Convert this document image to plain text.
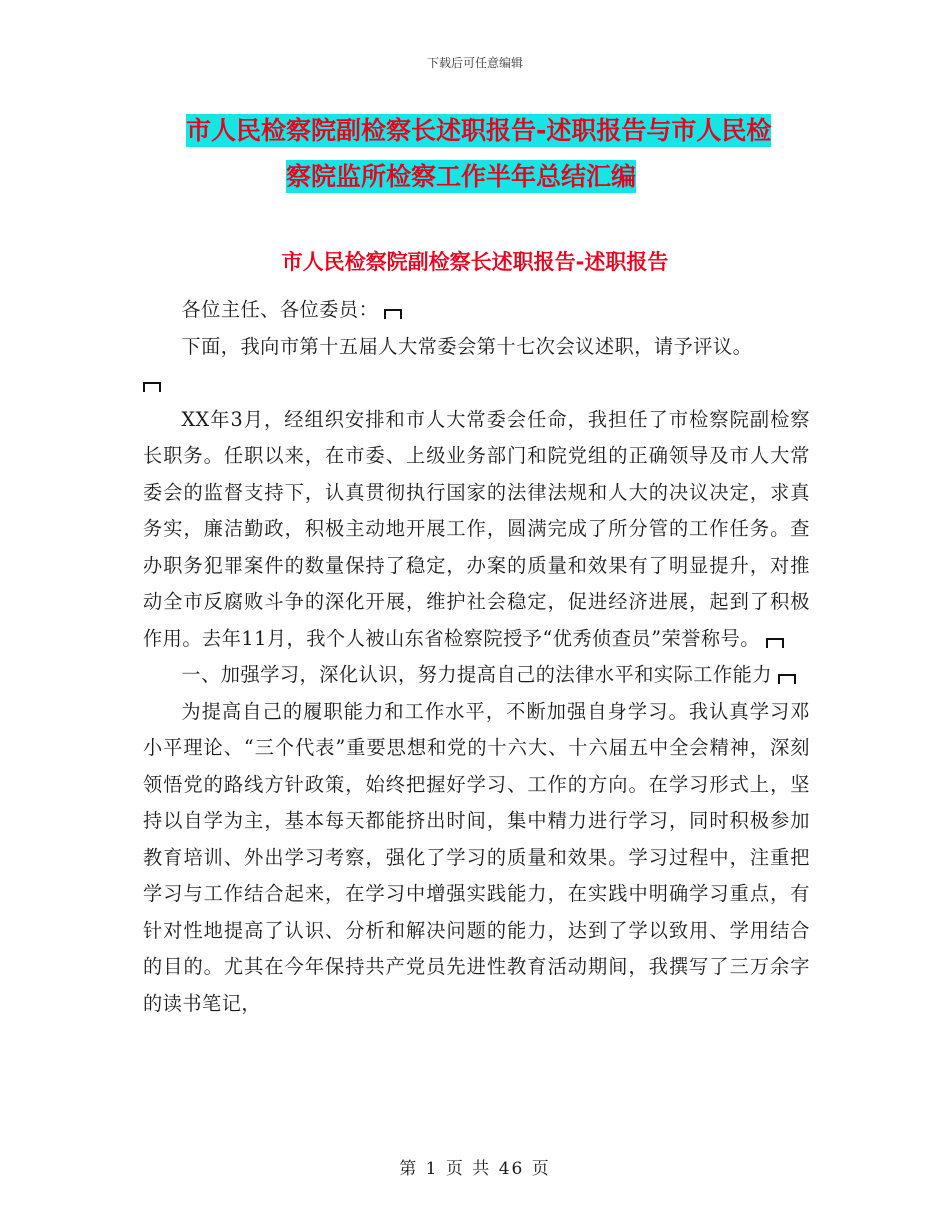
下载后可任意编辑
市人民检察院副检察长述职报告-述职报告与市人民检
察院监所检察工作半年总结汇编
市人民检察院副检察长述职报告-述职报告

各位主任、各位委员：

下面，我向市第十五届人大常委会第十七次会议述职，请予评议。

XX年3月，经组织安排和市人大常委会任命，我担任了市检察院副检察长职务。任职以来，在市委、上级业务部门和院党组的正确领导及市人大常委会的监督支持下，认真贯彻执行国家的法律法规和人大的决议决定，求真务实，廉洁勤政，积极主动地开展工作，圆满完成了所分管的工作任务。查办职务犯罪案件的数量保持了稳定，办案的质量和效果有了明显提升，对推动全市反腐败斗争的深化开展，维护社会稳定，促进经济进展，起到了积极作用。去年11月，我个人被山东省检察院授予“优秀侦查员”荣誉称号。

一、加强学习，深化认识，努力提高自己的法律水平和实际工作能力

为提高自己的履职能力和工作水平，不断加强自身学习。我认真学习邓小平理论、“三个代表”重要思想和党的十六大、十六届五中全会精神，深刻领悟党的路线方针政策，始终把握好学习、工作的方向。在学习形式上，坚持以自学为主，基本每天都能挤出时间，集中精力进行学习，同时积极参加教育培训、外出学习考察，强化了学习的质量和效果。学习过程中，注重把学习与工作结合起来，在学习中增强实践能力，在实践中明确学习重点，有针对性地提高了认识、分析和解决问题的能力，达到了学以致用、学用结合的目的。尤其在今年保持共产党员先进性教育活动期间，我撰写了三万余字的读书笔记，

第 1 页 共 46 页
